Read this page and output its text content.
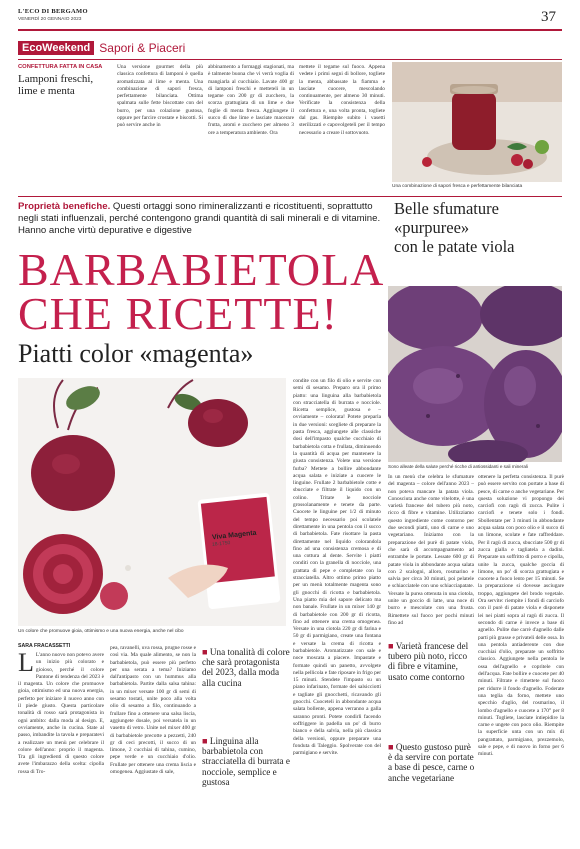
L'ECO DI BERGAMO
VENERDÌ 20 GENNAIO 2023	37
EcoWeekend Sapori & Piaceri
CONFETTURA FATTA IN CASA
Lamponi freschi, lime e menta
Una versione gourmet della più classica confettura di lamponi è quella aromatizzata al lime e menta. Una combinazione di sapori fresca, perfettamente bilanciata. Ottima spalmata sulle fette biscottate con del burro, per una colazione gustosa, oppure per farcire crostate e biscotti. Si può servire anche in
abbinamento a formaggi stagionati, ma è talmente buona che vi verrà voglia di mangiarla al cucchiaio. Lavate 400 gr di lamponi freschi e metteteli in un tegame con 200 gr di zucchero, la scorza grattugiata di un lime e due foglie di menta fresca. Aggiungete il succo di due lime e lasciate macerare frutta, aromi e zucchero per almeno 3 ore a temperatura ambiente. Ora
mettete il tegame sul fuoco. Appena vedete i primi segni di bollore, togliete la menta, abbassate la fiamma e lasciate cuocere, mescolando continuamente, per almeno 30 minuti. Verificate la consistenza della confettura e, una volta pronta, togliete dal gas. Riempite subito i vasetti sterilizzati e capovolgeteli per il tempo necessario a creare il sottovuoto.
Una combinazione di sapori fresca e perfettamente bilanciata
Proprietà benefiche. Questi ortaggi sono rimineralizzanti e ricostituenti, soprattutto negli stati influenzali, perché contengono grandi quantità di sali minerali e di vitamine. Hanno anche virtù depurative e digestive
Belle sfumature
«purpuree»
con le patate viola
BARBABIETOLA
CHE RICETTE!
Piatti color «magenta»
Viva Magenta
18-1750
Un colore che promuove gioia, ottimismo e una nuova energia, anche nel cibo
SARA FRACASSETTI
L L'anno nuovo non potevo avere un inizio più colorato e gioioso, perché il colore Pantone di tendenza del 2023 è il magenta. Un colore che promuove gioia, ottimismo ed una nuova energia, perfetto per iniziare il nuovo anno con il piede giusto. Questa particolare tonalità di rosso sarà protagonista in ogni ambito: dalla moda al design. E, ovviamente, anche in cucina. State al passo, imbandite la tavola e preparatevi a realizzare un menù per celebrare il colore dell'anno: proprio il magenta. Tra gli ingredienti di questo colore avete l'imbarazzo della scelta: cipolla rossa di Tro-
pea, ravanelli, uva rossa, prugne rosse e così via. Ma quale alimento, se non la barbabietola, può essere più perfetto per una serata a tema? Iniziamo dall'antipasto con un hummus alla barbabietola. Partite dalla salsa tahina: in un mixer versate 100 gr di semi di sesamo tostati, unite poco alla volta olio di sesamo a filo, continuando a frullare fino a ottenere una salsa liscia, aggiungete dosale, poi versatela in un vasetto di vetro. Unite nel mixer 400 gr di barbabietole precotte a pezzetti, 240 gr di ceci precotti, il succo di un limone, 2 cucchiai di tahina, cumino, pepe verde e un cucchiaio d'olio. Frullate per ottenere una crema liscia e omogenea. Aggiustate di sale,
■ Una tonalità di colore che sarà protagonista del 2023, dalla moda alla cucina
■ Linguina alla barbabietola con stracciatella di burrata e nocciole, semplice e gustosa
condite con un filo di olio e servite con semi di sesamo. Preparo ora il primo piatto: una linguina alla barbabietola con stracciatella di burrata e nocciole. Ricetta semplice, gustosa e – ovviamente – colorata! Potete preparla in due versioni: scegliete di preparare la pasta fresca, aggiungete alle classiche dosi dell'impasto qualche cucchiaio di barbabietola cotta e frullata, diminuendo la quantità di acqua per mantenere la giusta consistenza. Volete una versione furba? Mettete a bollire abbondante acqua salata e iniziate a cuocere le linguine. Frullate 2 barbabietole cotte e sbucciate e filtrate il liquido con un colino. Tritate le nocciole grossolanamente e tenete da parte. Cuocete le linguine per 1/2 di minuto del tempo necessario poi scolatele direttamente in una pentola con il succo di barbabietola. Fate risottare la pasta direttamente nel liquido colorandola fino ad una consistenza cremosa e di una cottura al dente. Servite i piatti conditi con la granella di nocciole, una grattata di pepe e completate con la stracciatella. Altro ottimo primo piatto per un menù totalmente magenta sono gli gnocchi di ricotta e barbabietola. Una piatto mia del sapore delicato ma non banale. Frullate in un mixer 140 gr di barbabietole con 200 gr di ricotta, fino ad ottenere una crema omogenea. Versate in una ciotola 220 gr di farina e 50 gr di parmigiano, create una fontana e versate la crema di ricotta e barbabietole. Aromatizzate con sale e noce moscata a piacere. Impastate e formate quindi un panetto, avvolgete nella pellicola e fate riposare in frigo per 15 minuti. Stendete l'impasto su un piano infarinato, formate dei salsicciotti e tagliate gli gnocchetti, ricavando gli gnocchi. Cuoceteli in abbondante acqua salata bollente, appena verranno a galla saranno pronti. Potete condirli facendo soffriggere in padella un po' di burro bianco e della salvia, nella più classica della versioni, oppure preparare una fonduta di Taleggio. Spolverate con del parmigiano e servite.
Sono alleate della salute perché ricche di antiossidanti e sali minerali
In un menù che celebra le sfumature del magenta – colore dell'anno 2023 – non poteva mancare la patata viola. Conosciuta anche come vitelotte, è una varietà francese del tubero più noto, ricco di fibre e vitamine. Utilizziamo questo ingrediente come contorno per due secondi piatti, uno di carne e uno vegetariano. Iniziamo con la preparazione del purè di patate viola, che sarà di accompagnamento ad entrambe le portate. Lessate 600 gr di patate viola in abbondante acqua salata con 2 scalogni, alloro, rosmarino e salvia per circa 30 minuti, poi pelatele e schiacciatele con uno schiacciapatate. Versate la purea ottenuta in una ciotola, unite un goccio di latte, una noce di burro e mescolate con una frusta. Rimettete sul fuoco per pochi minuti fino ad
■ Varietà francese del tubero più noto, ricco di fibre e vitamine, usato come contorno
■ Questo gustoso purè è da servire con portate a base di pesce, carne o anche vegetariane
ottenere la perfetta consistenza. Il purè può essere servito con portate a base di pesce, di carne o anche vegetariane. Per questa soluzione vi propongo dei carciofi con ragù di zucca. Pulite i carciofi e tenete solo i fondi. Sbollentate per 3 minuti in abbondante acqua salata con poco olio e il succo di un limone, scolate e fate raffreddare. Per il ragù di zucca, sbucciate 500 gr di zucca gialla e tagliatela a dadini. Preparate un soffritto di porro e cipolla, unite la zucca, qualche goccia di limone, un po' di scorza grattugiata e cuocete a fuoco lento per 15 minuti. Se la preparazione si dovesse asciugare troppo, aggiungete del brodo vegetale. Ora servite: riempite i fondi di carciofo con il purè di patate viola e disponete lei nei piatti sopra al ragù di zucca. Il secondo di carne è invece a base di agnello. Pulite due carrè d'agnello dalle parti più grasse e privateli delle ossa. In una pentola antiaderente con due cucchiai d'olio, preparate un soffritto classico. Aggiungete nella pentola le ossa dell'agnello e copritele con dell'acqua. Fate bollire e cuocete per 40 minuti. Filtrate e rimettete sul fuoco per ridurre il fondo d'agnello. Foderate una teglia da forno, mettete uno specchio d'aglio, del rosmarino, il lombo d'agnello e cuocete a 170° per 8 minuti. Togliete, lasciate intiepidire la carne e ungete con poco olio. Riempite la superficie unta con un mix di pangrattato, parmigiano, prezzemolo, sale e pepe, e di nuovo in forno per 6 minuti.
